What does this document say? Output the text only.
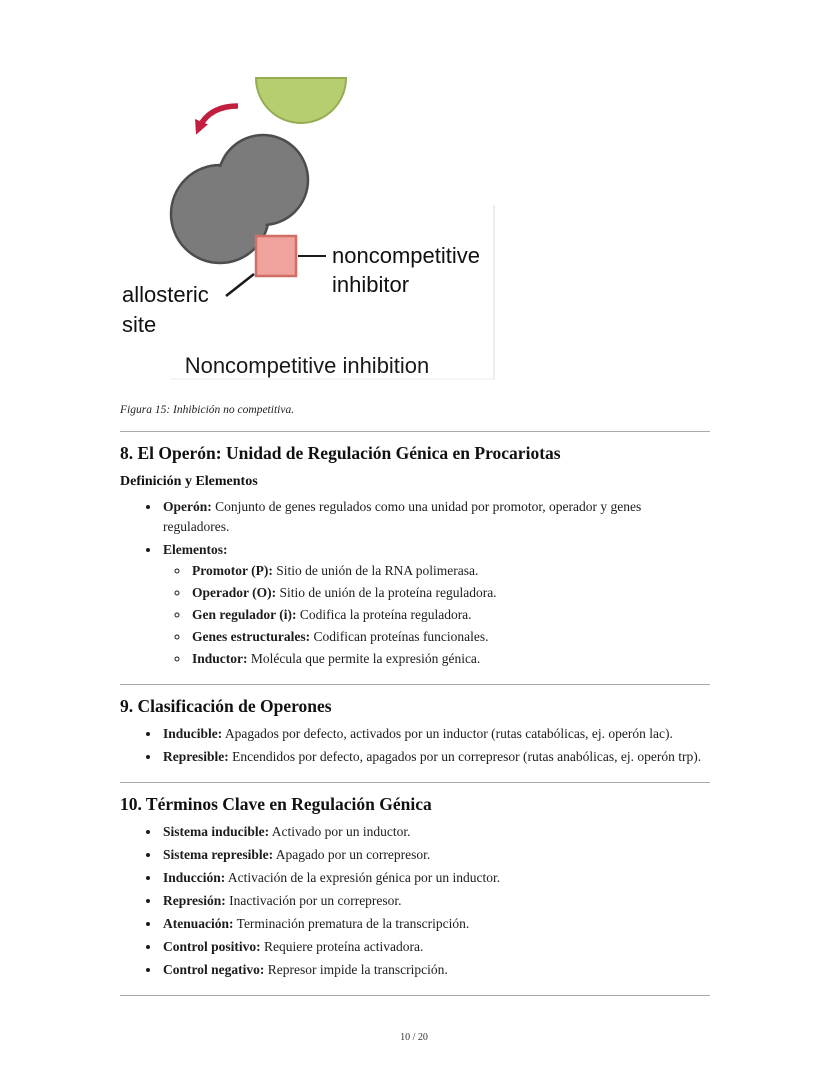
noncompetitive
inhibitor
allosteric
site
Noncompetitive inhibition

Figura 15: Inhibición no competitiva.

8. El Operón: Unidad de Regulación Génica en Procariotas
Definición y Elementos
• Operón: Conjunto de genes regulados como una unidad por promotor, operador y genes reguladores.
• Elementos:
◦ Promotor (P): Sitio de unión de la RNA polimerasa.
◦ Operador (O): Sitio de unión de la proteína reguladora.
◦ Gen regulador (i): Codifica la proteína reguladora.
◦ Genes estructurales: Codifican proteínas funcionales.
◦ Inductor: Molécula que permite la expresión génica.
9. Clasificación de Operones
• Inducible: Apagados por defecto, activados por un inductor (rutas catabólicas, ej. operón lac).
• Represible: Encendidos por defecto, apagados por un correpresor (rutas anabólicas, ej. operón trp).
10. Términos Clave en Regulación Génica
• Sistema inducible: Activado por un inductor.
• Sistema represible: Apagado por un correpresor.
• Inducción: Activación de la expresión génica por un inductor.
• Represión: Inactivación por un correpresor.
• Atenuación: Terminación prematura de la transcripción.
• Control positivo: Requiere proteína activadora.
• Control negativo: Represor impide la transcripción.
10 / 20
